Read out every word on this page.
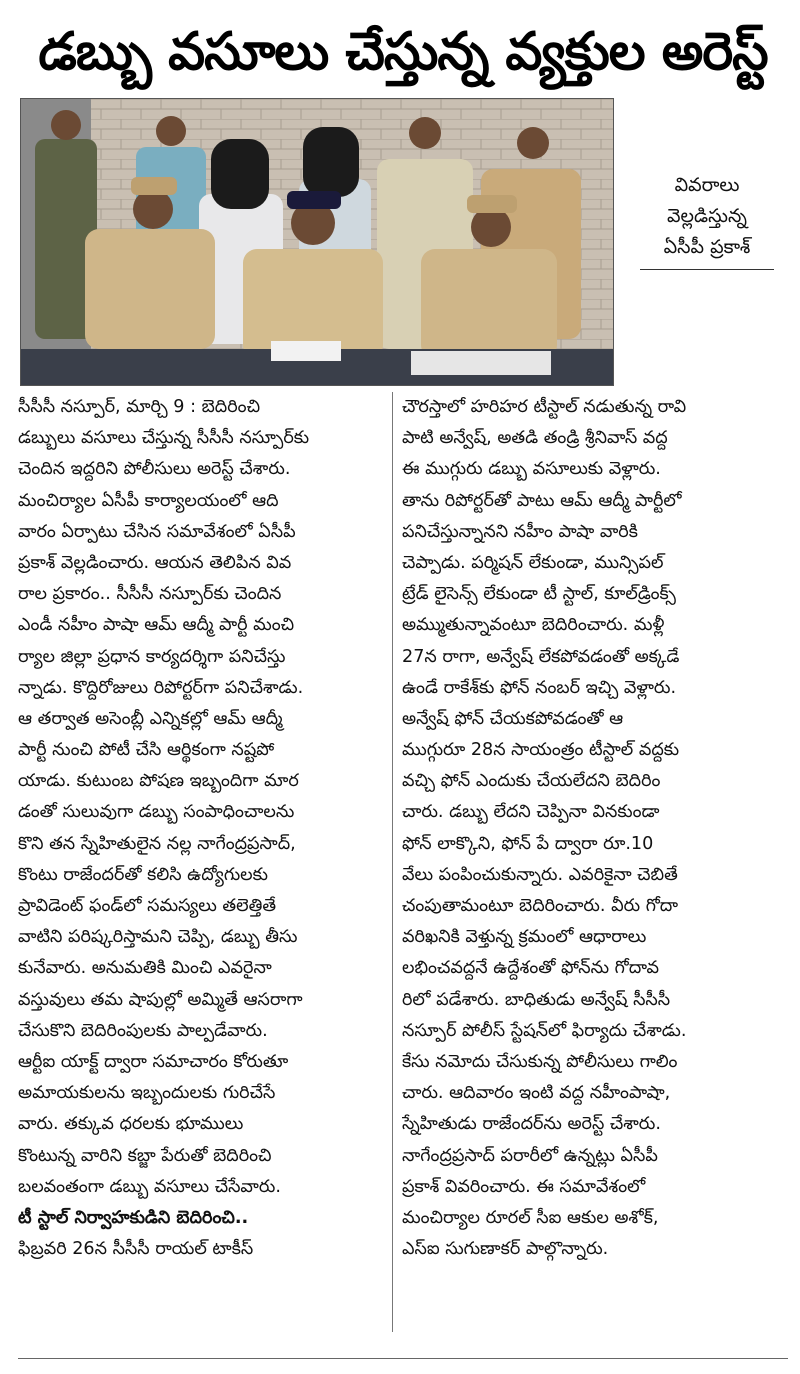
డబ్బు వసూలు చేస్తున్న వ్యక్తుల అరెస్ట్
వివరాలు
వెల్లడిస్తున్న
ఏసీపీ ప్రకాశ్
సీసీసీ నస్పూర్, మార్చి 9 : బెదిరించి
డబ్బులు వసూలు చేస్తున్న సీసీసీ నస్పూర్‌కు
చెందిన ఇద్దరిని పోలీసులు అరెస్ట్ చేశారు.
మంచిర్యాల ఏసీపీ కార్యాలయంలో ఆది
వారం ఏర్పాటు చేసిన సమావేశంలో ఏసీపీ
ప్రకాశ్ వెల్లడించారు. ఆయన తెలిపిన వివ
రాల ప్రకారం.. సీసీసీ నస్పూర్‌కు చెందిన
ఎండీ నహీం పాషా ఆమ్ ఆద్మీ పార్టీ మంచి
ర్యాల జిల్లా ప్రధాన కార్యదర్శిగా పనిచేస్తు
న్నాడు. కొద్దిరోజులు రిపోర్టర్‌గా పనిచేశాడు.
ఆ తర్వాత అసెంబ్లీ ఎన్నికల్లో ఆమ్ ఆద్మీ
పార్టీ నుంచి పోటీ చేసి ఆర్థికంగా నష్టపో
యాడు. కుటుంబ పోషణ ఇబ్బందిగా మార
డంతో సులువుగా డబ్బు సంపాధించాలను
కొని తన స్నేహితులైన నల్ల నాగేంద్రప్రసాద్,
కొంటు రాజేందర్‌తో కలిసి ఉద్యోగులకు
ప్రావిడెంట్ ఫండ్‌లో సమస్యలు తలెత్తితే
వాటిని పరిష్కరిస్తామని చెప్పి, డబ్బు తీసు
కునేవారు. అనుమతికి మించి ఎవరైనా
వస్తువులు తమ షాపుల్లో అమ్మితే ఆసరాగా
చేసుకొని బెదిరింపులకు పాల్పడేవారు.
ఆర్టీఐ యాక్ట్ ద్వారా సమాచారం కోరుతూ
అమాయకులను ఇబ్బందులకు గురిచేసే
వారు. తక్కువ ధరలకు భూములు
కొంటున్న వారిని కబ్జా పేరుతో బెదిరించి
బలవంతంగా డబ్బు వసూలు చేసేవారు.
టీ స్టాల్ నిర్వాహకుడిని బెదిరించి..
ఫిబ్రవరి 26న సీసీసీ రాయల్ టాకీస్
చౌరస్తాలో హరిహర టీస్టాల్ నడుతున్న రావి
పాటి అన్వేష్, అతడి తండ్రి శ్రీనివాస్ వద్ద
ఈ ముగ్గురు డబ్బు వసూలుకు వెళ్లారు.
తాను రిపోర్టర్‌తో పాటు ఆమ్ ఆద్మీ పార్టీలో
పనిచేస్తున్నానని నహీం పాషా వారికి
చెప్పాడు. పర్మిషన్ లేకుండా, మున్సిపల్
ట్రేడ్ లైసెన్స్ లేకుండా టీ స్టాల్, కూల్‌డ్రింక్స్
అమ్ముతున్నావంటూ బెదిరించారు. మళ్లీ
27న రాగా, అన్వేష్ లేకపోవడంతో అక్కడే
ఉండే రాకేశ్‌కు ఫోన్ నంబర్ ఇచ్చి వెళ్లారు.
అన్వేష్ ఫోన్ చేయకపోవడంతో ఆ
ముగ్గురూ 28న సాయంత్రం టీస్టాల్ వద్దకు
వచ్చి ఫోన్ ఎందుకు చేయలేదని బెదిరిం
చారు. డబ్బు లేదని చెప్పినా వినకుండా
ఫోన్ లాక్కొని, ఫోన్ పే ద్వారా రూ.10
వేలు పంపించుకున్నారు. ఎవరికైనా చెబితే
చంపుతామంటూ బెదిరించారు. వీరు గోదా
వరిఖనికి వెళ్తున్న క్రమంలో ఆధారాలు
లభించవద్దనే ఉద్దేశంతో ఫోన్‌ను గోదావ
రిలో పడేశారు. బాధితుడు అన్వేష్ సీసీసీ
నస్పూర్ పోలీస్ స్టేషన్‌లో ఫిర్యాదు చేశాడు.
కేసు నమోదు చేసుకున్న పోలీసులు గాలిం
చారు. ఆదివారం ఇంటి వద్ద నహీంపాషా,
స్నేహితుడు రాజేందర్‌ను అరెస్ట్ చేశారు.
నాగేంద్రప్రసాద్ పరారీలో ఉన్నట్లు ఏసీపీ
ప్రకాశ్ వివరించారు. ఈ సమావేశంలో
మంచిర్యాల రూరల్ సీఐ ఆకుల అశోక్,
ఎస్ఐ సుగుణాకర్ పాల్గొన్నారు.
